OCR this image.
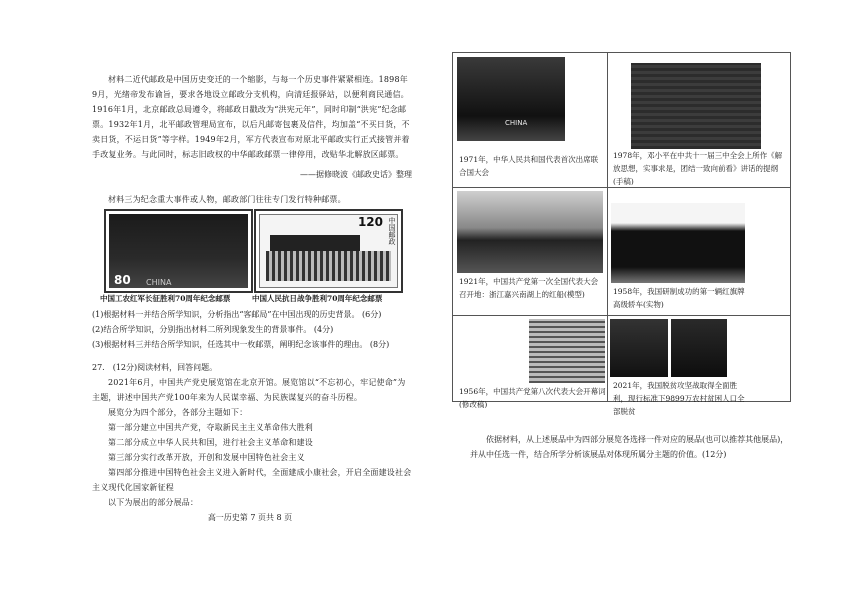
材料二近代邮政是中国历史变迁的一个缩影，与每一个历史事件紧紧相连。1898年9月，光绪帝发布谕旨，要求各地设立邮政分支机构，向清廷报驿站，以便利商民通信。1916年1月，北京邮政总局遵令，将邮政日戳改为“洪宪元年”，同时印制“洪宪”纪念邮票。1932年1月，北平邮政管理局宣布，以后凡邮寄包裹及信件，均加盖“不买日货，不卖日货，不运日货”等字样。1949年2月，军方代表宣布对原北平邮政实行正式接管并着手改复业务。与此同时，标志旧政权的中华邮政邮票一律停用，改贴华北解放区邮票。

——据修晓波《邮政史话》整理

材料三为纪念重大事件或人物，邮政部门往往专门发行特种邮票。

80 CHINA
120 中国邮政
中国工农红军长征胜利70周年纪念邮票	中国人民抗日战争胜利70周年纪念邮票

(1)根据材料一并结合所学知识，分析指出“客邮局”在中国出现的历史背景。 (6分)

(2)结合所学知识，分别指出材料二所列现象发生的背景事件。 (4分)

(3)根据材料三并结合所学知识，任选其中一枚邮票，阐明纪念该事件的理由。 (8分)

27.　(12分)阅读材料，回答问题。

2021年6月，中国共产党史展览馆在北京开馆。展览馆以“不忘初心，牢记使命”为主题，讲述中国共产党100年来为人民谋幸福、为民族谋复兴的奋斗历程。

展览分为四个部分，各部分主题如下：

第一部分建立中国共产党，夺取新民主主义革命伟大胜利

第二部分成立中华人民共和国，进行社会主义革命和建设

第三部分实行改革开放，开创和发展中国特色社会主义

第四部分推进中国特色社会主义进入新时代，全面建成小康社会，开启全面建设社会主义现代化国家新征程

以下为展出的部分展品：

高一历史第 7 页共 8 页
CHINA
1971年，中华人民共和国代表首次出席联合国大会
1978年，邓小平在中共十一届三中全会上所作《解放思想，实事求是，团结一致向前看》讲话的提纲(手稿)
1921年，中国共产党第一次全国代表大会召开地：浙江嘉兴南湖上的红船(模型)	1958年，我国研制成功的第一辆红旗牌高级轿车(实物)
1956年，中国共产党第八次代表大会开幕词(修改稿)
2021年，我国脱贫攻坚战取得全面胜利，现行标准下9899万农村贫困人口全部脱贫

依据材料，从上述展品中为四部分展览各选择一件对应的展品(也可以推荐其他展品)，并从中任选一件，结合所学分析该展品对体现所属分主题的价值。(12分)
